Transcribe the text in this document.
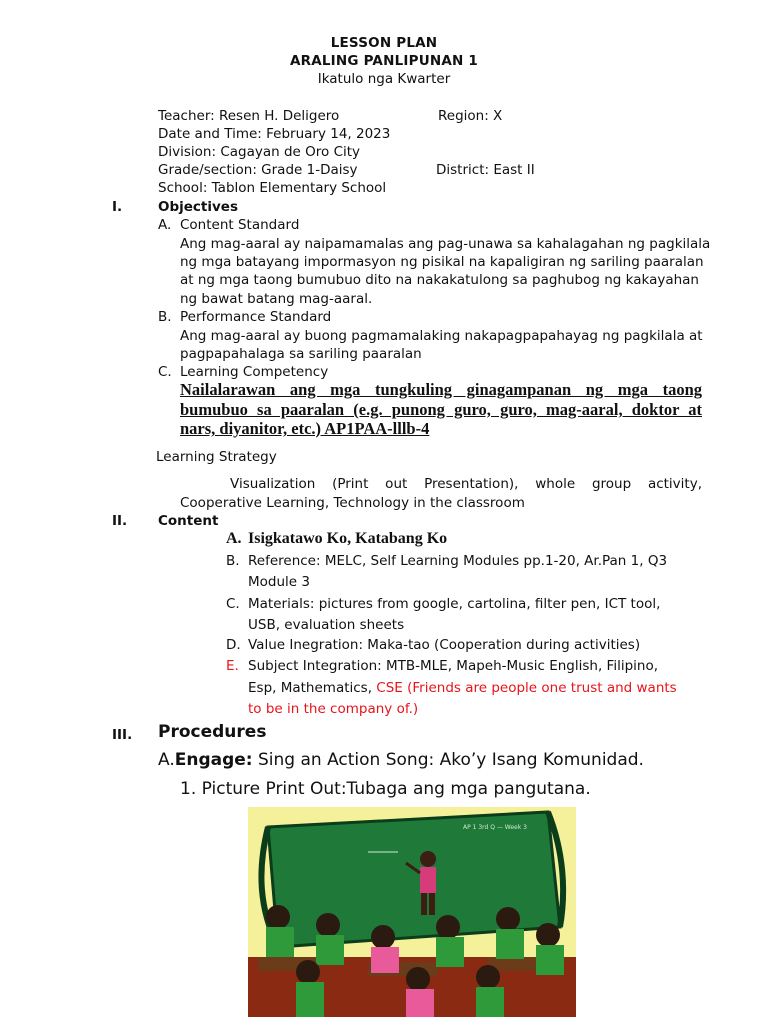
LESSON PLAN
ARALING PANLIPUNAN 1
Ikatulo nga Kwarter
Teacher: Resen H. Deligero	Region: X
Date and Time: February 14, 2023
Division: Cagayan de Oro City
Grade/section: Grade 1-Daisy	District: East II
School: Tablon Elementary School
I.	Objectives
A. Content Standard
Ang mag-aaral ay naipamamalas ang pag-unawa sa kahalagahan ng pagkilala
ng mga batayang impormasyon ng pisikal na kapaligiran ng sariling paaralan
at ng mga taong bumubuo dito na nakakatulong sa paghubog ng kakayahan
ng bawat batang mag-aaral.
B. Performance Standard
Ang mag-aaral ay buong pagmamalaking nakapagpapahayag ng pagkilala at
pagpapahalaga sa sariling paaralan
C. Learning Competency
Nailalarawan ang mga tungkuling ginagampanan ng mga taong
bumubuo sa paaralan (e.g. punong guro, guro, mag-aaral, doktor at
nars, diyanitor, etc.) AP1PAA-lllb-4
Learning Strategy
Visualization (Print out Presentation), whole group activity,
Cooperative Learning, Technology in the classroom
II. Content
A. Isigkatawo Ko, Katabang Ko
B. Reference: MELC, Self Learning Modules pp.1-20, Ar.Pan 1, Q3
Module 3
C. Materials: pictures from google, cartolina, filter pen, ICT tool,
USB, evaluation sheets
D. Value Inegration: Maka-tao (Cooperation during activities)
E. Subject Integration: MTB-MLE, Mapeh-Music English, Filipino,
Esp, Mathematics, CSE (Friends are people one trust and wants
to be in the company of.)
III. Procedures
A.Engage: Sing an Action Song: Ako’y Isang Komunidad.
1. Picture Print Out:Tubaga ang mga pangutana.
AP 1 3rd Q — Week 3
